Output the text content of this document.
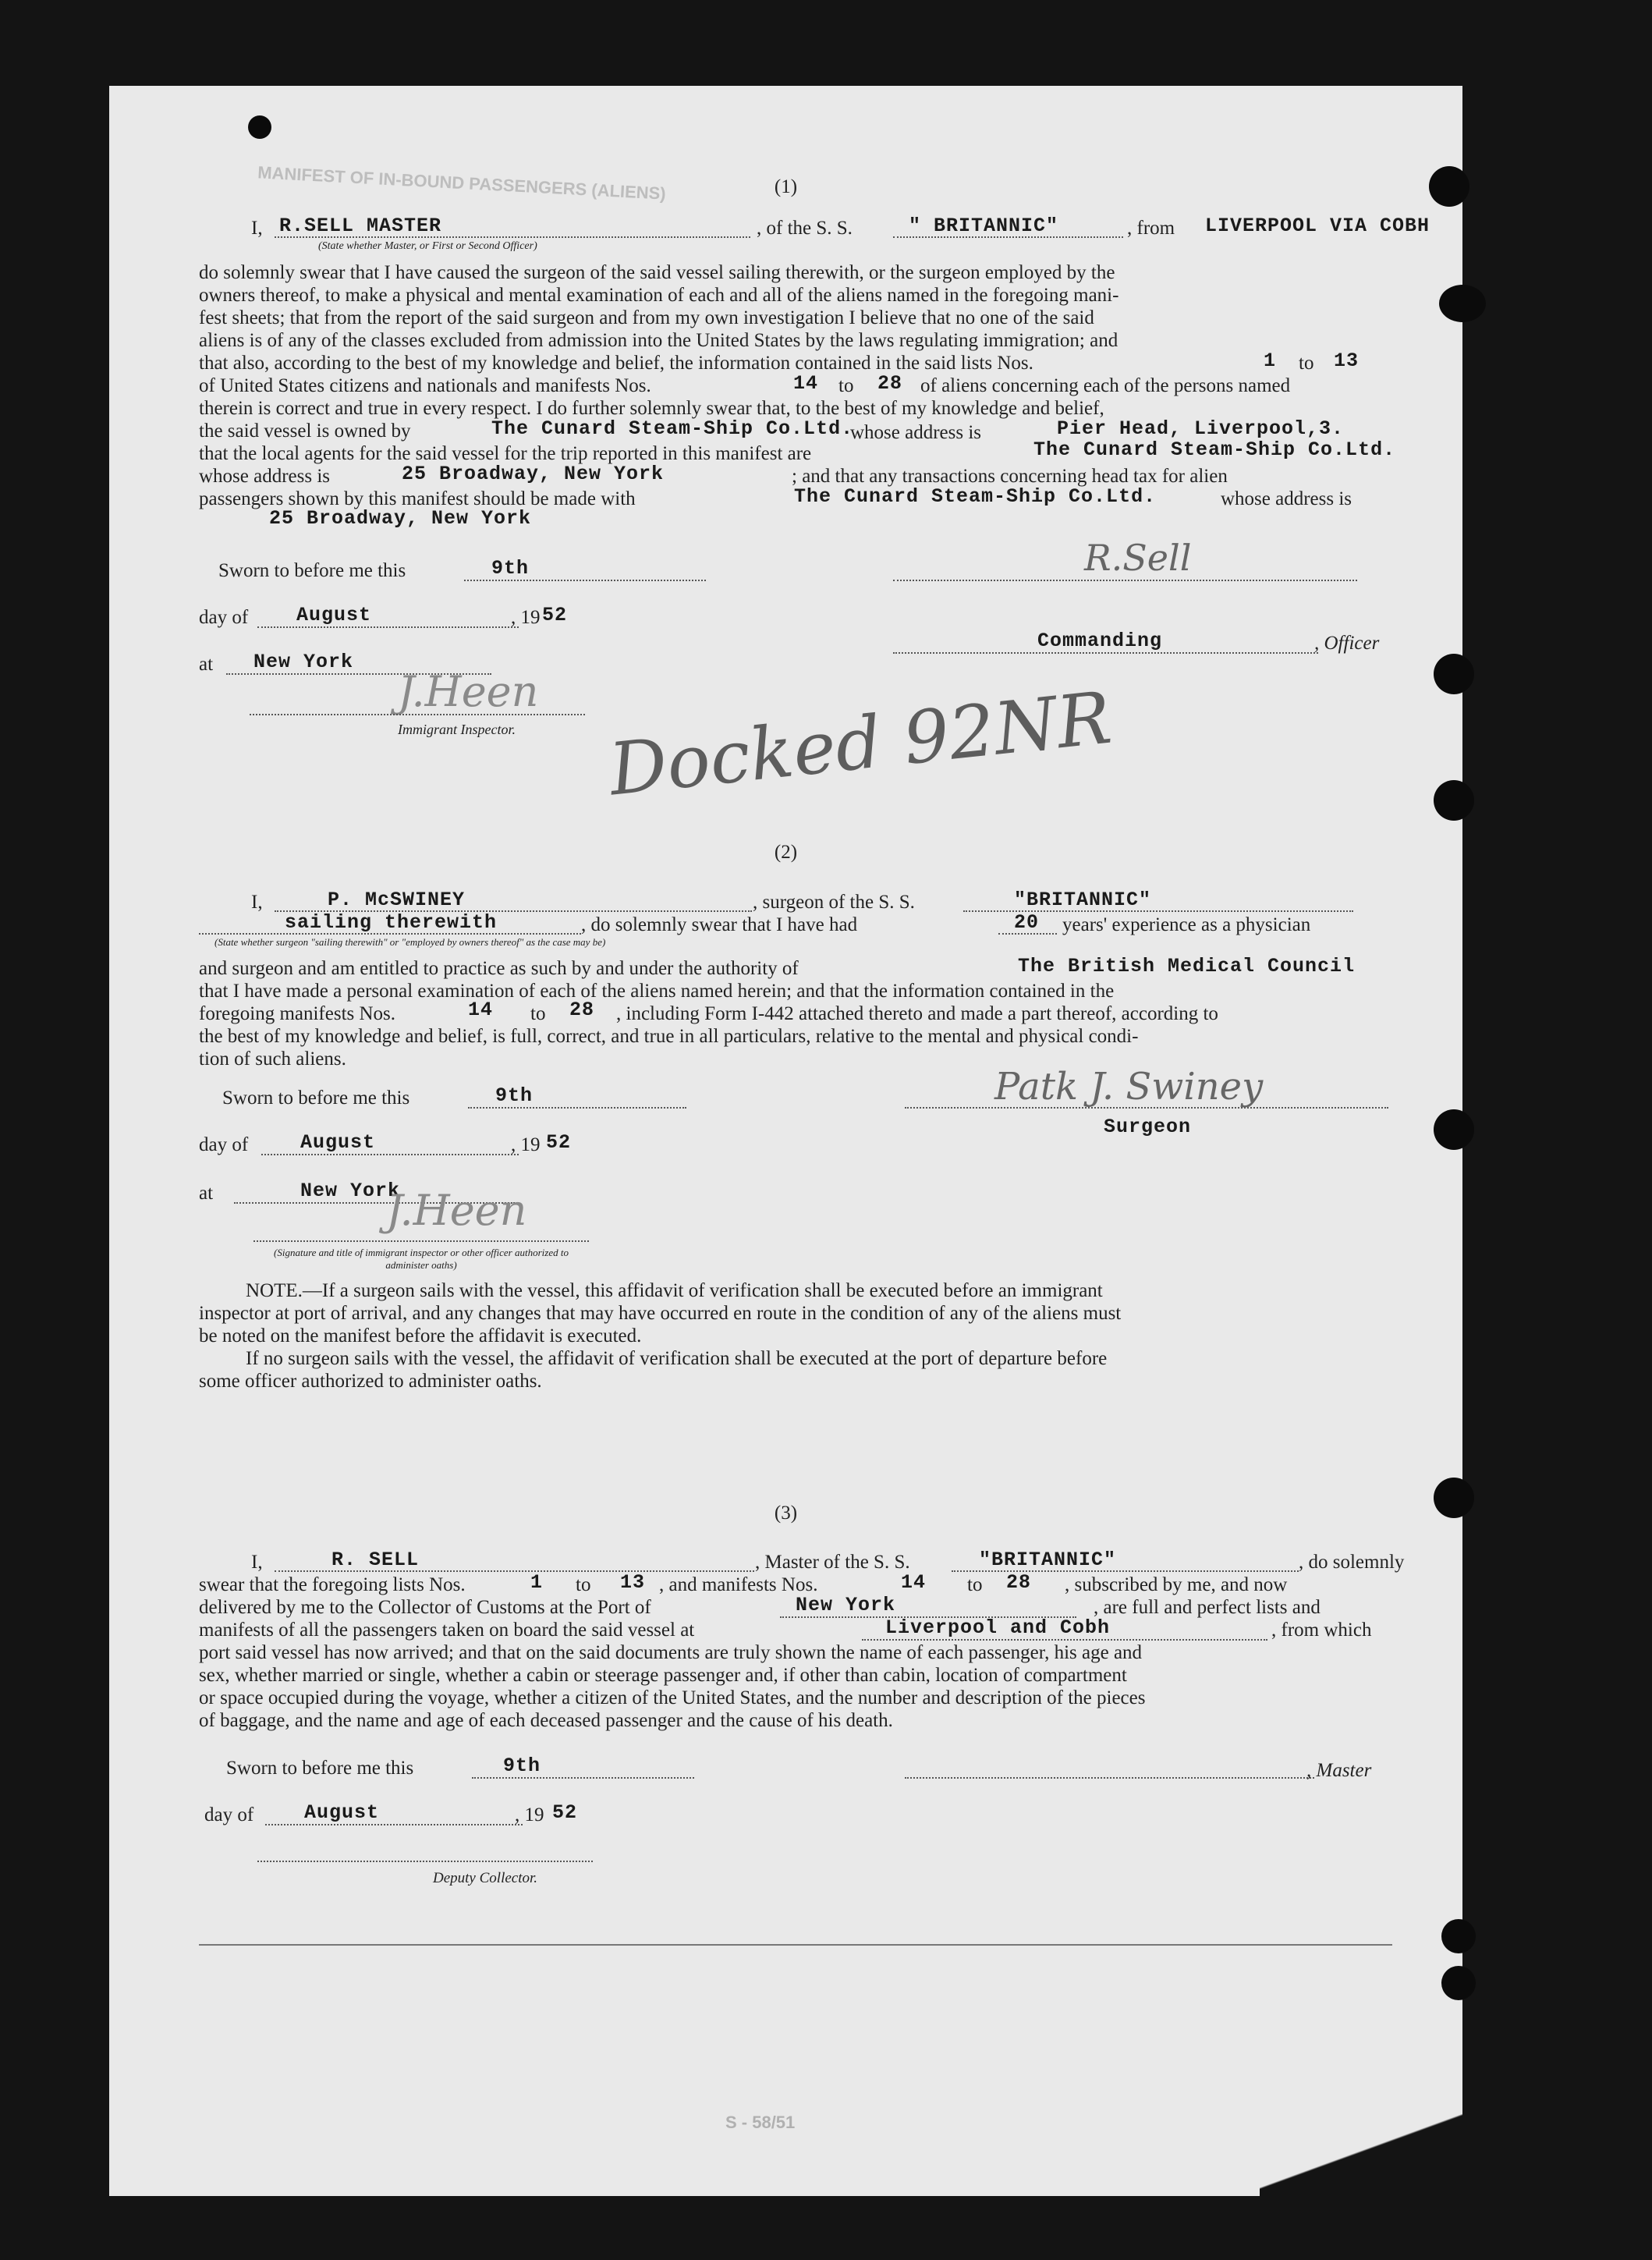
MANIFEST OF IN-BOUND PASSENGERS (ALIENS)	(1)
I, R.SELL MASTER
(State whether Master, or First or Second Officer)
, of the S. S.	" BRITANNIC"	, from LIVERPOOL VIA COBH
do solemnly swear that I have caused the surgeon of the said vessel sailing therewith, or the surgeon employed by the
owners thereof, to make a physical and mental examination of each and all of the aliens named in the foregoing mani-
fest sheets; that from the report of the said surgeon and from my own investigation I believe that no one of the said
aliens is of any of the classes excluded from admission into the United States by the laws regulating immigration; and
that also, according to the best of my knowledge and belief, the information contained in the said lists Nos.	1 to 13
of United States citizens and nationals and manifests Nos.	14 to 28 of aliens concerning each of the persons named
therein is correct and true in every respect. I do further solemnly swear that, to the best of my knowledge and belief,
the said vessel is owned by	The Cunard Steam-Ship Co.Ltd.
whose address is	Pier Head, Liverpool,3.
that the local agents for the said vessel for the trip reported in this manifest are	The Cunard Steam-Ship Co.Ltd.
whose address is	25 Broadway, New York	; and that any transactions concerning head tax for alien
passengers shown by this manifest should be made with	The Cunard Steam-Ship Co.Ltd.	whose address is
25 Broadway, New York
Sworn to before me this	9th	R.Sell
day of August	, 19 52
Commanding	, Officer
at New York
J.Heen
Immigrant Inspector. Docked 92NR
(2)
I,	P. McSWINEY	, surgeon of the S. S.	"BRITANNIC"
sailing therewith	, do solemnly swear that I have had	20 years' experience as a physician
(State whether surgeon "sailing therewith" or "employed by owners thereof" as the case may be)
and surgeon and am entitled to practice as such by and under the authority of	The British Medical Council
that I have made a personal examination of each of the aliens named herein; and that the information contained in the
foregoing manifests Nos.	14 to 28 , including Form I-442 attached thereto and made a part thereof, according to
the best of my knowledge and belief, is full, correct, and true in all particulars, relative to the mental and physical condi-
tion of such aliens.
Sworn to before me this	9th	Patk J. Swiney
Surgeon
day of	August	, 19 52
at	New York
J.Heen
(Signature and title of immigrant inspector or other officer authorized to administer oaths)
NOTE.—If a surgeon sails with the vessel, this affidavit of verification shall be executed before an immigrant
inspector at port of arrival, and any changes that may have occurred en route in the condition of any of the aliens must
be noted on the manifest before the affidavit is executed.
If no surgeon sails with the vessel, the affidavit of verification shall be executed at the port of departure before
some officer authorized to administer oaths.
(3)
I,	R. SELL	, Master of the S. S.	"BRITANNIC"	, do solemnly
swear that the foregoing lists Nos.	1 to 13 , and manifests Nos.	14 to 28 , subscribed by me, and now
delivered by me to the Collector of Customs at the Port of	New York	, are full and perfect lists and
manifests of all the passengers taken on board the said vessel at	Liverpool and Cobh	, from which
port said vessel has now arrived; and that on the said documents are truly shown the name of each passenger, his age and
sex, whether married or single, whether a cabin or steerage passenger and, if other than cabin, location of compartment
or space occupied during the voyage, whether a citizen of the United States, and the number and description of the pieces
of baggage, and the name and age of each deceased passenger and the cause of his death.
Sworn to before me this	9th	, Master
day of	August	, 19 52
Deputy Collector.
S - 58/51
